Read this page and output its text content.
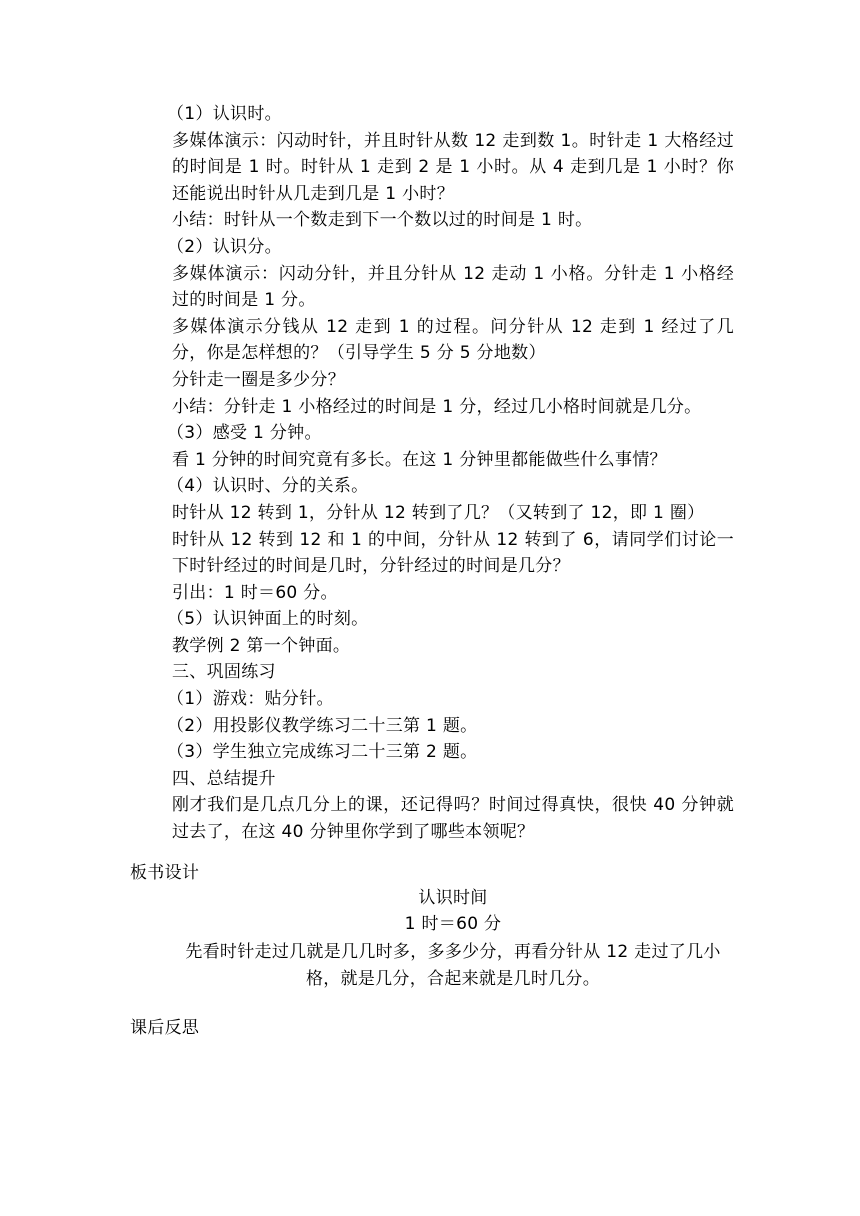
（1）认识时。

多媒体演示：闪动时针，并且时针从数 12 走到数 1。时针走 1 大格经过的时间是 1 时。时针从 1 走到 2 是 1 小时。从 4 走到几是 1 小时？你还能说出时针从几走到几是 1 小时？

小结：时针从一个数走到下一个数以过的时间是 1 时。

（2）认识分。

多媒体演示：闪动分针，并且分针从 12 走动 1 小格。分针走 1 小格经过的时间是 1 分。

多媒体演示分钱从 12 走到 1 的过程。问分针从 12 走到 1 经过了几分，你是怎样想的？（引导学生 5 分 5 分地数）

分针走一圈是多少分？

小结：分针走 1 小格经过的时间是 1 分，经过几小格时间就是几分。

（3）感受 1 分钟。

看 1 分钟的时间究竟有多长。在这 1 分钟里都能做些什么事情？

（4）认识时、分的关系。

时针从 12 转到 1，分针从 12 转到了几？（又转到了 12，即 1 圈）

时针从 12 转到 12 和 1 的中间，分针从 12 转到了 6，请同学们讨论一下时针经过的时间是几时，分针经过的时间是几分？

引出：1 时＝60 分。

（5）认识钟面上的时刻。

教学例 2 第一个钟面。

三、巩固练习

（1）游戏：贴分针。

（2）用投影仪教学练习二十三第 1 题。

（3）学生独立完成练习二十三第 2 题。

四、总结提升

刚才我们是几点几分上的课，还记得吗？时间过得真快，很快 40 分钟就过去了，在这 40 分钟里你学到了哪些本领呢？

板书设计

认识时间

1 时＝60 分

先看时针走过几就是几几时多，多多少分，再看分针从 12 走过了几小格，就是几分，合起来就是几时几分。

课后反思
